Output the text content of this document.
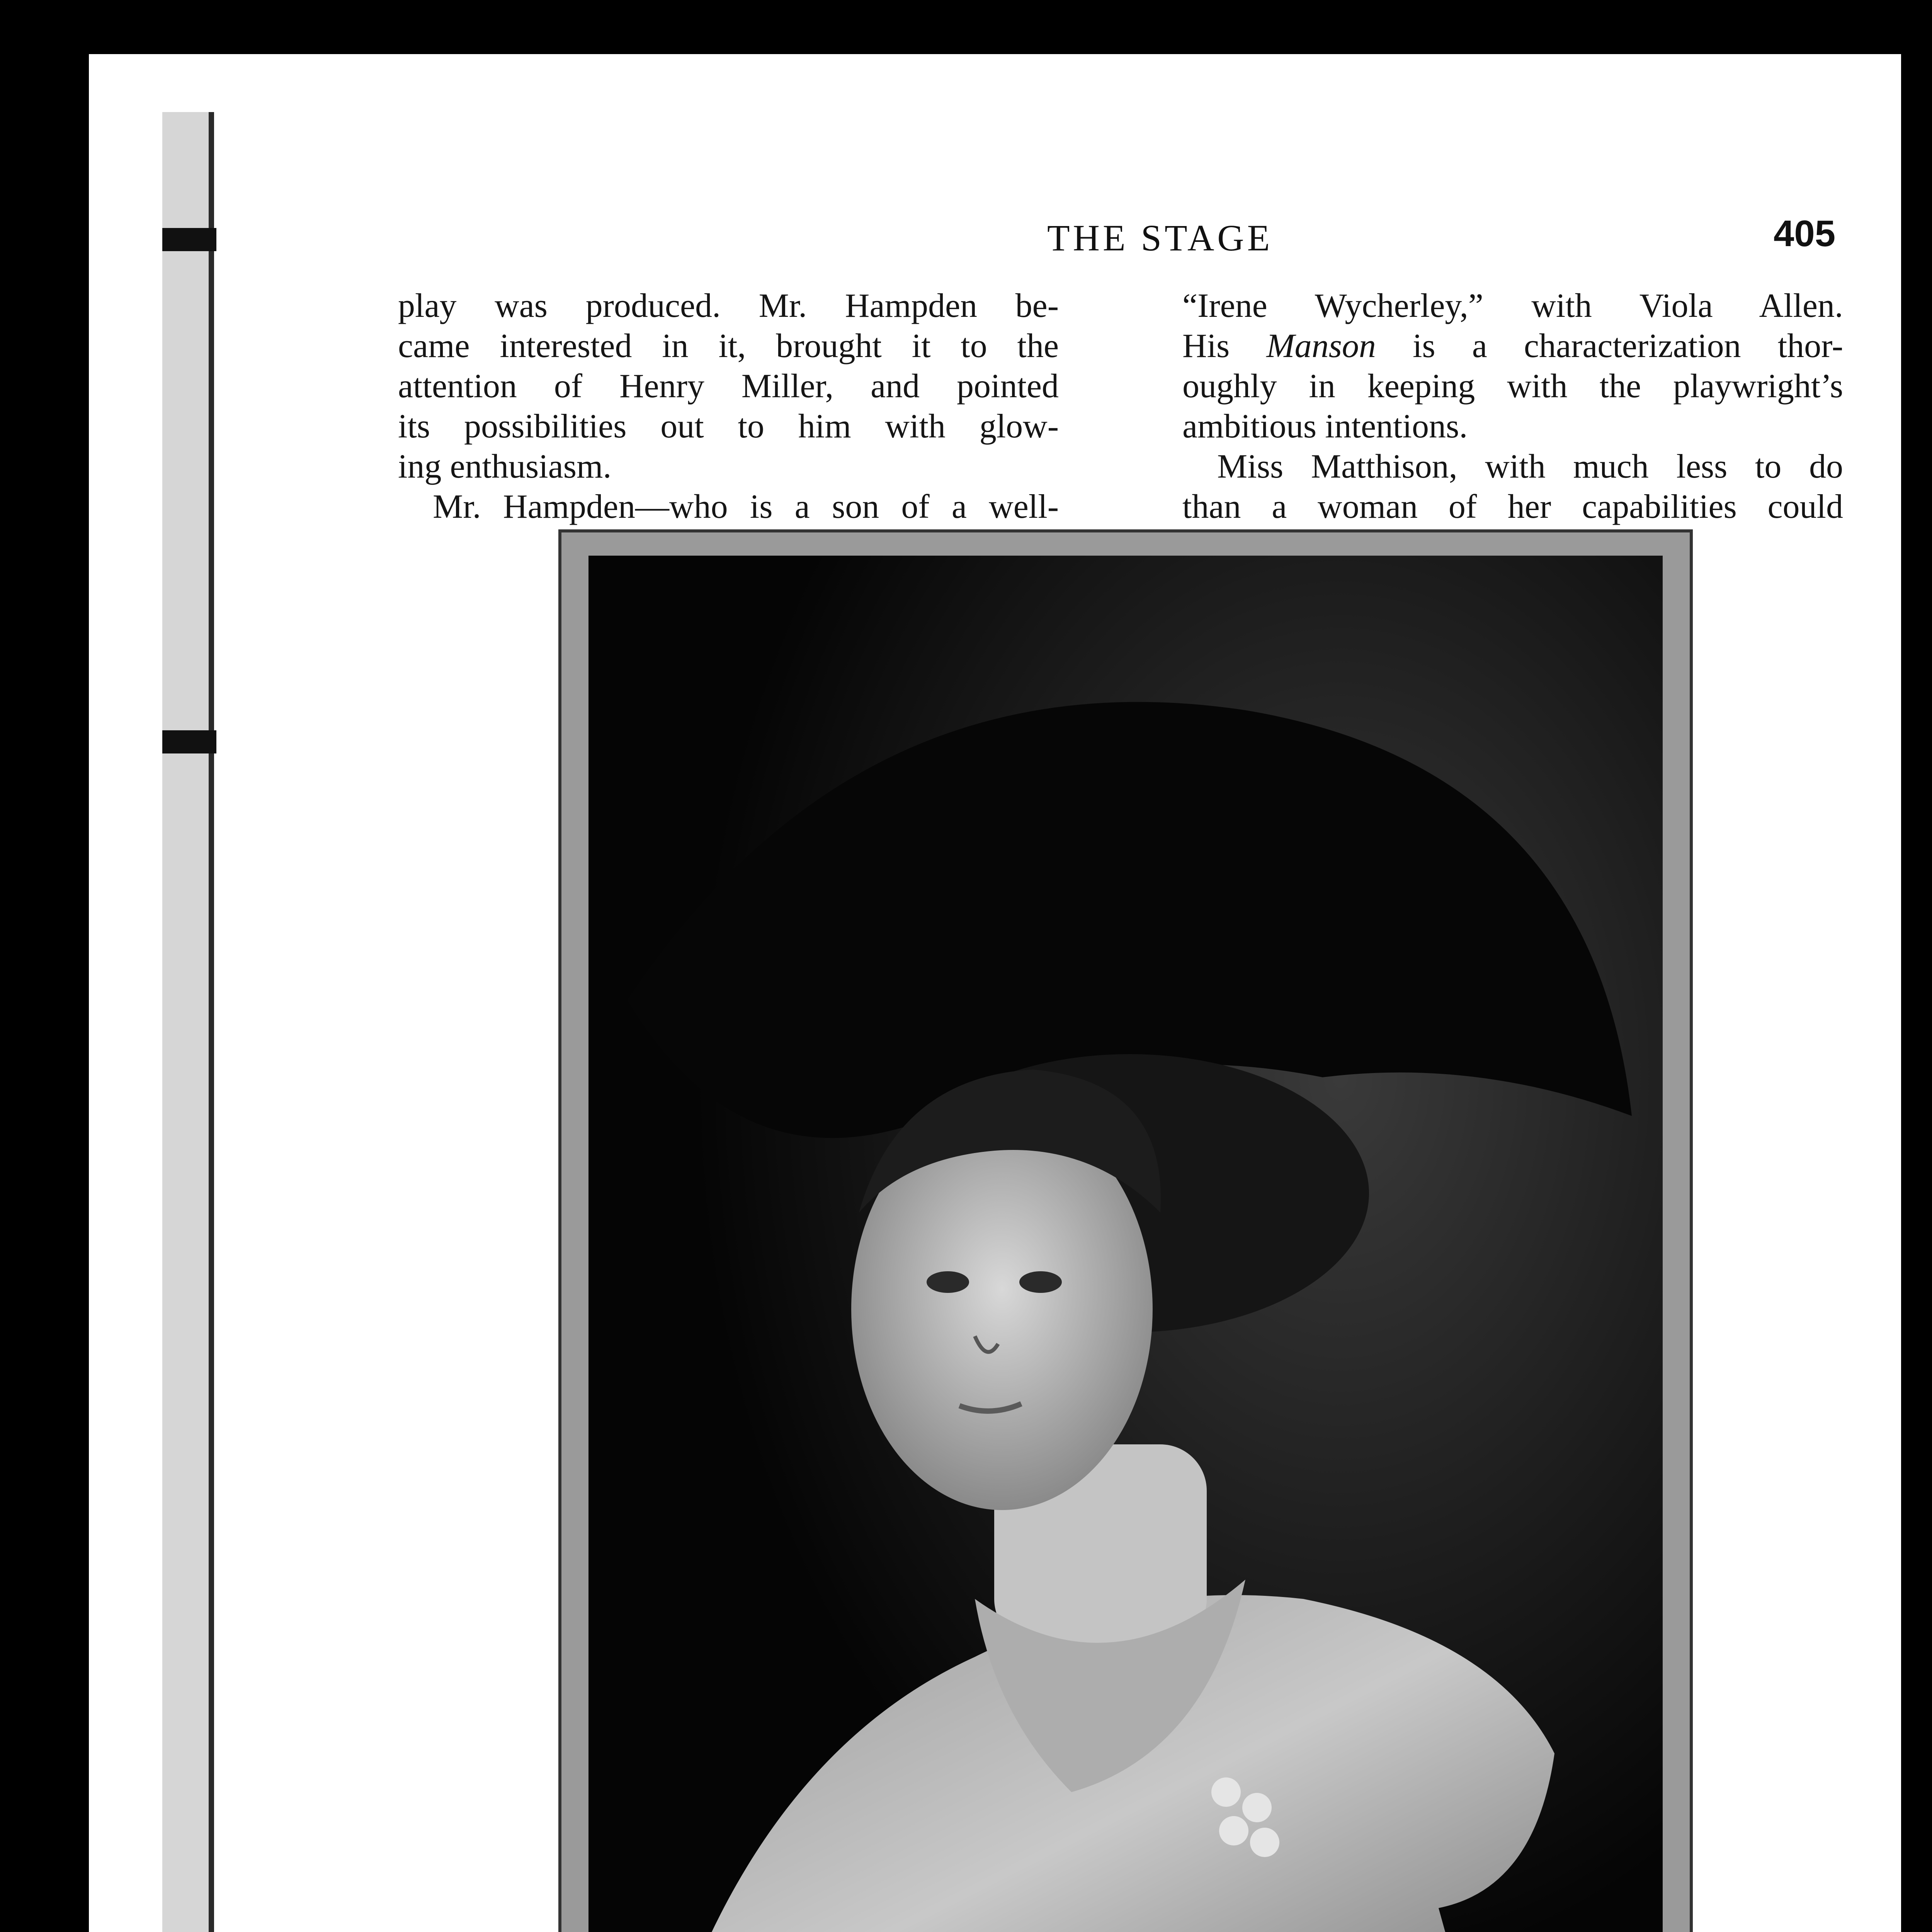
THE STAGE	405
play was produced. Mr. Hampden be-
came interested in it, brought it to the
attention of Henry Miller, and pointed
its possibilities out to him with glow-
ing enthusiasm.
Mr. Hampden—who is a son of a well-
“Irene Wycherley,” with Viola Allen.
His Manson is a characterization thor-
oughly in keeping with the playwright’s
ambitious intentions.
Miss Matthison, with much less to do
than a woman of her capabilities could
